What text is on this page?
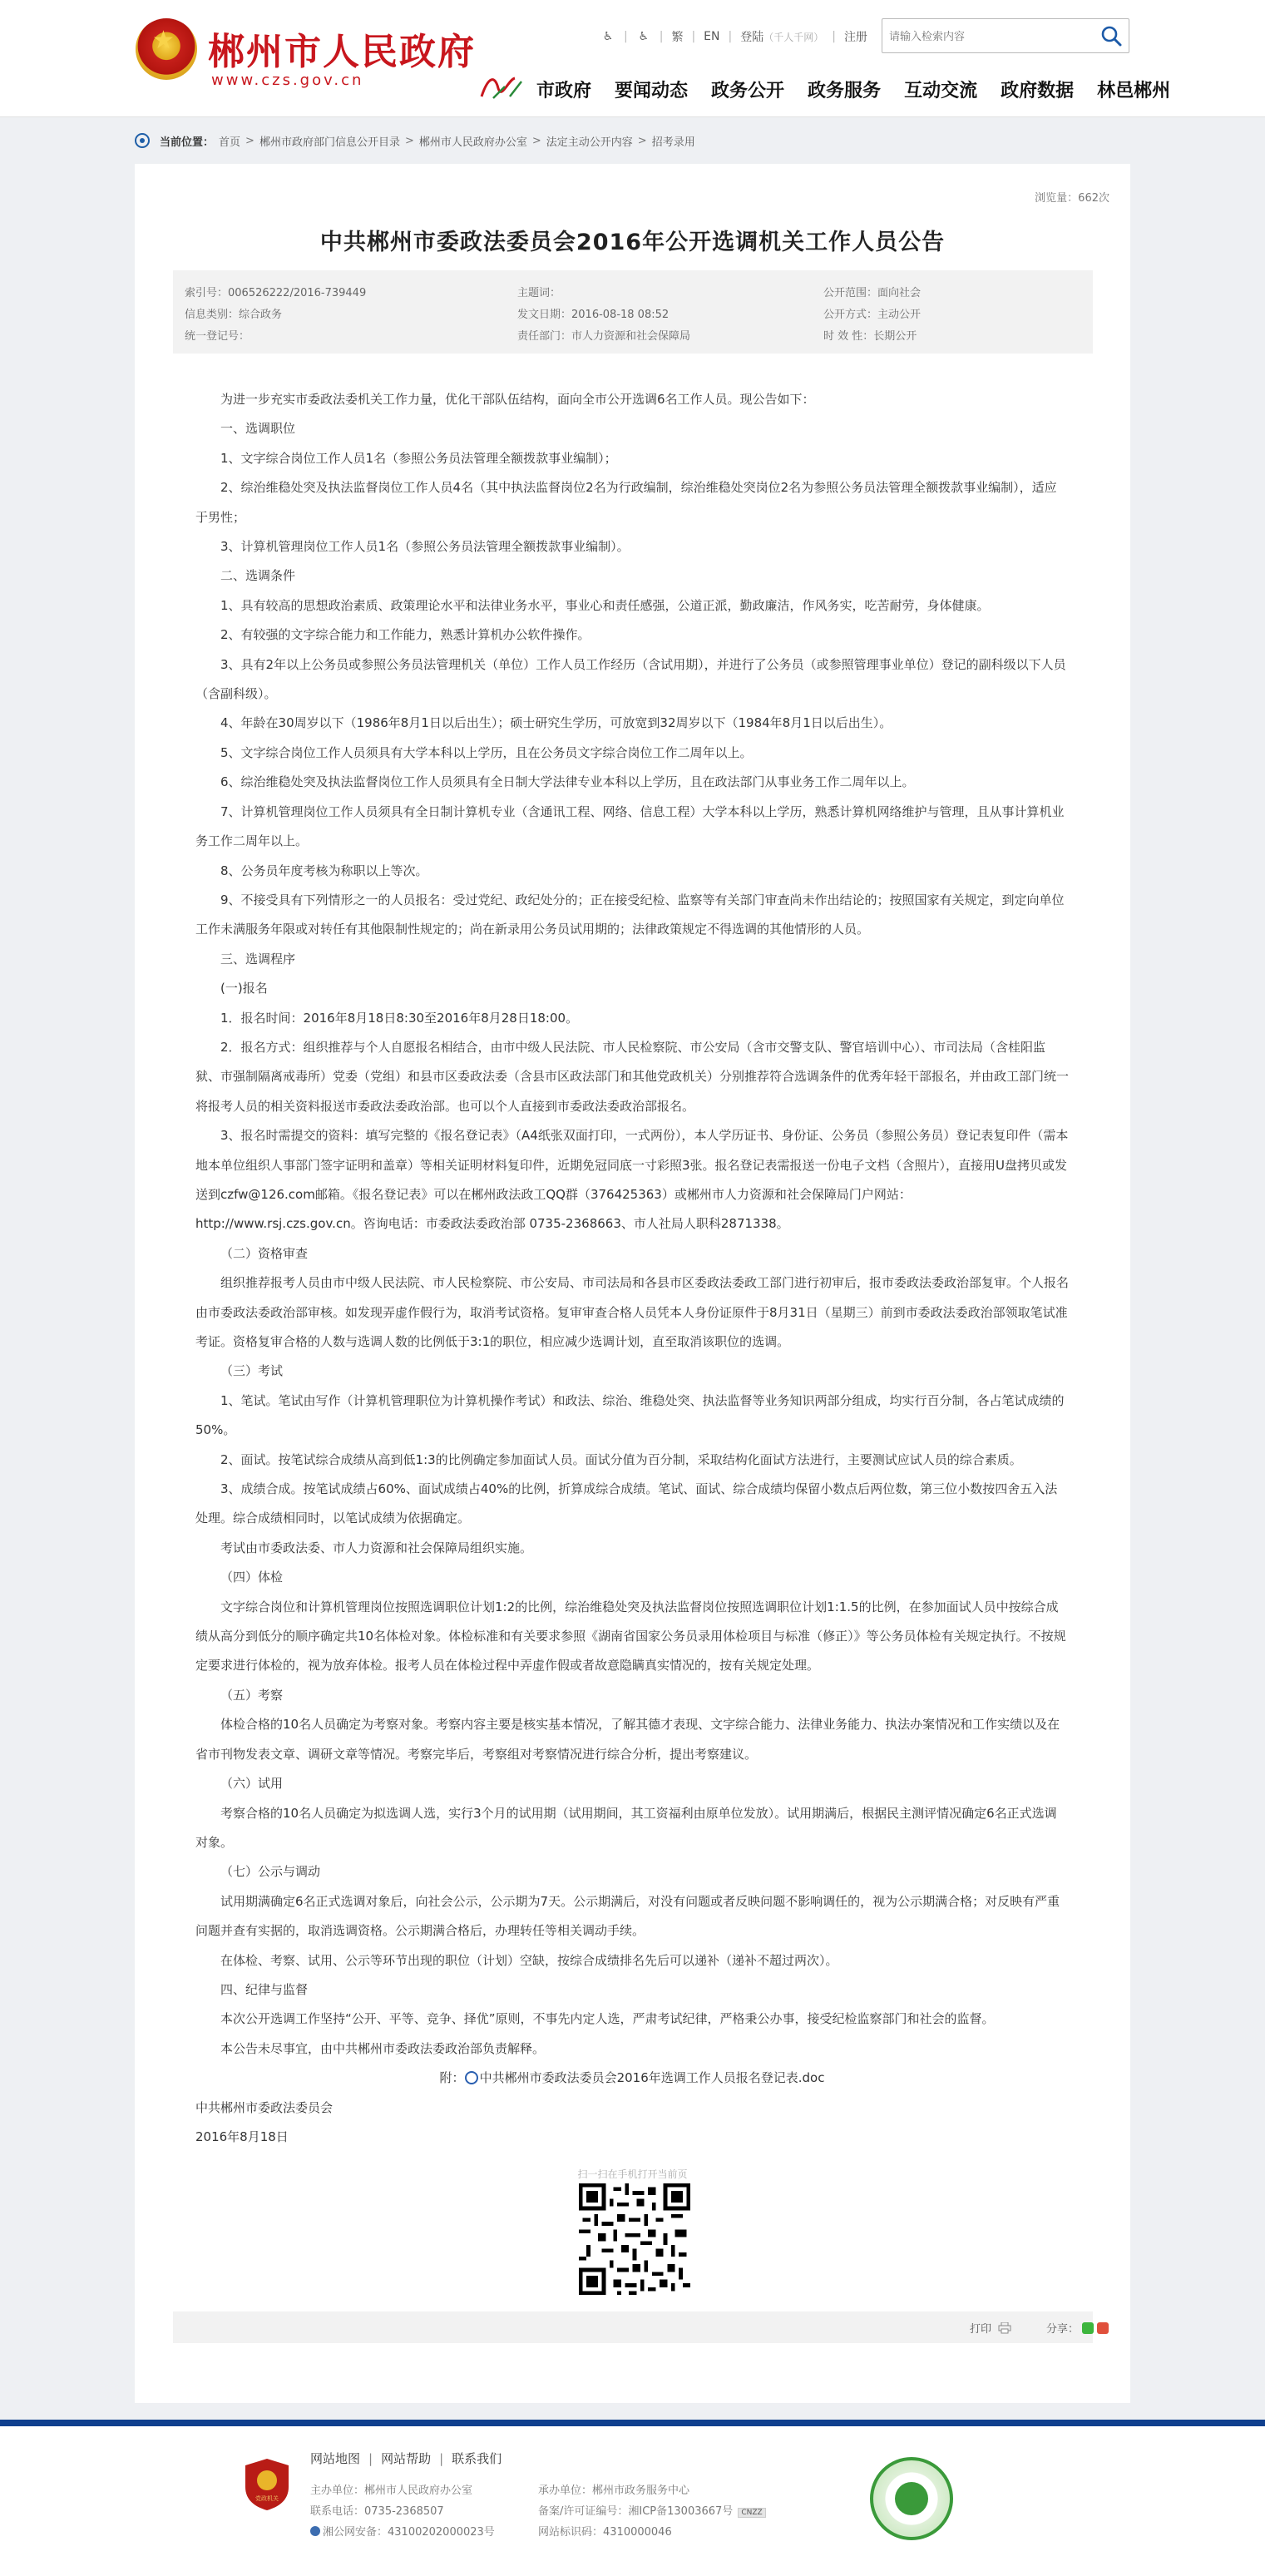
★ 郴州市人民政府
www.czs.gov.cn
♿ | ♿ | 繁 | EN | 登陆 （千人千网） | 注册
请输入检索内容
市政府 要闻动态 政务公开 政务服务 互动交流 政府数据 林邑郴州
当前位置： 首页 > 郴州市政府部门信息公开目录 > 郴州市人民政府办公室 > 法定主动公开内容 > 招考录用
浏览量：662次
中共郴州市委政法委员会2016年公开选调机关工作人员公告
索引号：006526222/2016-739449	主题词：	公开范围：面向社会
信息类别：综合政务	发文日期：2016-08-18 08:52	公开方式：主动公开
统一登记号：	责任部门：市人力资源和社会保障局	时 效 性：长期公开

为进一步充实市委政法委机关工作力量，优化干部队伍结构，面向全市公开选调6名工作人员。现公告如下：

一、选调职位

1、文字综合岗位工作人员1名（参照公务员法管理全额拨款事业编制）；

2、综治维稳处突及执法监督岗位工作人员4名（其中执法监督岗位2名为行政编制，综治维稳处突岗位2名为参照公务员法管理全额拨款事业编制），适应于男性；

3、计算机管理岗位工作人员1名（参照公务员法管理全额拨款事业编制）。

二、选调条件

1、具有较高的思想政治素质、政策理论水平和法律业务水平，事业心和责任感强，公道正派，勤政廉洁，作风务实，吃苦耐劳，身体健康。

2、有较强的文字综合能力和工作能力，熟悉计算机办公软件操作。

3、具有2年以上公务员或参照公务员法管理机关（单位）工作人员工作经历（含试用期），并进行了公务员（或参照管理事业单位）登记的副科级以下人员（含副科级）。

4、年龄在30周岁以下（1986年8月1日以后出生）；硕士研究生学历，可放宽到32周岁以下（1984年8月1日以后出生）。

5、文字综合岗位工作人员须具有大学本科以上学历，且在公务员文字综合岗位工作二周年以上。

6、综治维稳处突及执法监督岗位工作人员须具有全日制大学法律专业本科以上学历，且在政法部门从事业务工作二周年以上。

7、计算机管理岗位工作人员须具有全日制计算机专业（含通讯工程、网络、信息工程）大学本科以上学历，熟悉计算机网络维护与管理，且从事计算机业务工作二周年以上。

8、公务员年度考核为称职以上等次。

9、不接受具有下列情形之一的人员报名：受过党纪、政纪处分的；正在接受纪检、监察等有关部门审查尚未作出结论的；按照国家有关规定，到定向单位工作未满服务年限或对转任有其他限制性规定的；尚在新录用公务员试用期的；法律政策规定不得选调的其他情形的人员。

三、选调程序

(一)报名

1．报名时间：2016年8月18日8:30至2016年8月28日18:00。

2．报名方式：组织推荐与个人自愿报名相结合，由市中级人民法院、市人民检察院、市公安局（含市交警支队、警官培训中心）、市司法局（含桂阳监狱、市强制隔离戒毒所）党委（党组）和县市区委政法委（含县市区政法部门和其他党政机关）分别推荐符合选调条件的优秀年轻干部报名，并由政工部门统一将报考人员的相关资料报送市委政法委政治部。也可以个人直接到市委政法委政治部报名。

3、报名时需提交的资料：填写完整的《报名登记表》（A4纸张双面打印，一式两份），本人学历证书、身份证、公务员（参照公务员）登记表复印件（需本地本单位组织人事部门签字证明和盖章）等相关证明材料复印件，近期免冠同底一寸彩照3张。报名登记表需报送一份电子文档（含照片），直接用U盘拷贝或发送到czfw@126.com邮箱。《报名登记表》可以在郴州政法政工QQ群（376425363）或郴州市人力资源和社会保障局门户网站：http://www.rsj.czs.gov.cn。咨询电话：市委政法委政治部 0735-2368663、市人社局人职科2871338。

（二）资格审查

组织推荐报考人员由市中级人民法院、市人民检察院、市公安局、市司法局和各县市区委政法委政工部门进行初审后，报市委政法委政治部复审。个人报名由市委政法委政治部审核。如发现弄虚作假行为，取消考试资格。复审审查合格人员凭本人身份证原件于8月31日（星期三）前到市委政法委政治部领取笔试准考证。资格复审合格的人数与选调人数的比例低于3:1的职位，相应减少选调计划，直至取消该职位的选调。

（三）考试

1、笔试。笔试由写作（计算机管理职位为计算机操作考试）和政法、综治、维稳处突、执法监督等业务知识两部分组成，均实行百分制，各占笔试成绩的50%。

2、面试。按笔试综合成绩从高到低1:3的比例确定参加面试人员。面试分值为百分制，采取结构化面试方法进行，主要测试应试人员的综合素质。

3、成绩合成。按笔试成绩占60%、面试成绩占40%的比例，折算成综合成绩。笔试、面试、综合成绩均保留小数点后两位数，第三位小数按四舍五入法处理。综合成绩相同时，以笔试成绩为依据确定。

考试由市委政法委、市人力资源和社会保障局组织实施。

（四）体检

文字综合岗位和计算机管理岗位按照选调职位计划1:2的比例，综治维稳处突及执法监督岗位按照选调职位计划1:1.5的比例，在参加面试人员中按综合成绩从高分到低分的顺序确定共10名体检对象。体检标准和有关要求参照《湖南省国家公务员录用体检项目与标准（修正）》等公务员体检有关规定执行。不按规定要求进行体检的，视为放弃体检。报考人员在体检过程中弄虚作假或者故意隐瞒真实情况的，按有关规定处理。

（五）考察

体检合格的10名人员确定为考察对象。考察内容主要是核实基本情况，了解其德才表现、文字综合能力、法律业务能力、执法办案情况和工作实绩以及在省市刊物发表文章、调研文章等情况。考察完毕后，考察组对考察情况进行综合分析，提出考察建议。

（六）试用

考察合格的10名人员确定为拟选调人选，实行3个月的试用期（试用期间，其工资福利由原单位发放）。试用期满后，根据民主测评情况确定6名正式选调对象。

（七）公示与调动

试用期满确定6名正式选调对象后，向社会公示，公示期为7天。公示期满后，对没有问题或者反映问题不影响调任的，视为公示期满合格；对反映有严重问题并查有实据的，取消选调资格。公示期满合格后，办理转任等相关调动手续。

在体检、考察、试用、公示等环节出现的职位（计划）空缺，按综合成绩排名先后可以递补（递补不超过两次）。

四、纪律与监督

本次公开选调工作坚持“公开、平等、竞争、择优”原则，不事先内定人选，严肃考试纪律，严格秉公办事，接受纪检监察部门和社会的监督。

本公告未尽事宜，由中共郴州市委政法委政治部负责解释。

附： 中共郴州市委政法委员会2016年选调工作人员报名登记表.doc

中共郴州市委政法委员会

2016年8月18日

扫一扫在手机打开当前页
打印	分享：
党政机关
网站地图 | 网站帮助 | 联系我们
主办单位：郴州市人民政府办公室
联系电话：0735-2368507
湘公网安备：43100202000023号
承办单位：郴州市政务服务中心
备案/许可证编号：湘ICP备13003667号 CNZZ
网站标识码：4310000046
